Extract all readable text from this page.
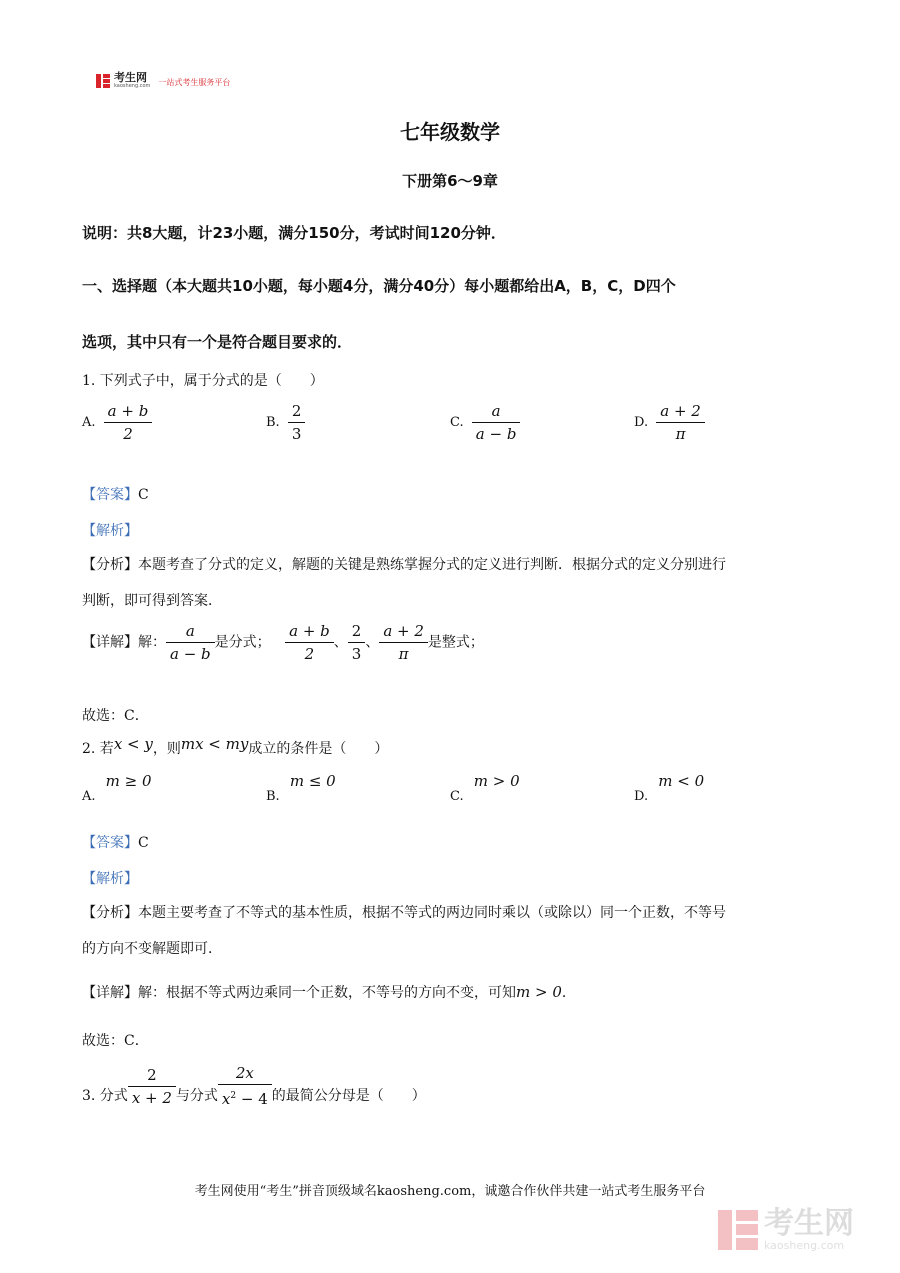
考生网
kaosheng.com 一站式考生服务平台
七年级数学
下册第6～9章
说明：共8大题，计23小题，满分150分，考试时间120分钟．
一、选择题（本大题共10小题，每小题4分，满分40分）每小题都给出A，B，C，D四个
选项，其中只有一个是符合题目要求的．
1. 下列式子中，属于分式的是（　　）
A. $\frac{a + b}{2}$	B. $\frac{2}{3}$	C. $\frac{a}{a - b}$	D. $\frac{a + 2}{\pi}$
【答案】C
【解析】
【分析】本题考查了分式的定义，解题的关键是熟练掌握分式的定义进行判断．根据分式的定义分别进行
判断，即可得到答案．
【详解】解： $\frac{a}{a - b}$ 是分式； $\frac{a + b}{2}$ 、 $\frac{2}{3}$ 、 $\frac{a + 2}{\pi}$ 是整式；
故选：C．
2. 若x < y，则mx < my成立的条件是（　　）
A. m ≥ 0
B. m ≤ 0
C. m > 0
D. m < 0
【答案】C
【解析】
【分析】本题主要考查了不等式的基本性质，根据不等式的两边同时乘以（或除以）同一个正数，不等号
的方向不变解题即可．
【详解】解：根据不等式两边乘同一个正数，不等号的方向不变，可知m > 0．
故选：C．
3. 分式 $\frac{2}{x + 2}$ 与分式 $\frac{2x}{x^2 - 4}$ 的最简公分母是（　　）
考生网使用“考生”拼音顶级域名kaosheng.com，诚邀合作伙伴共建一站式考生服务平台
考生网
kaosheng.com
